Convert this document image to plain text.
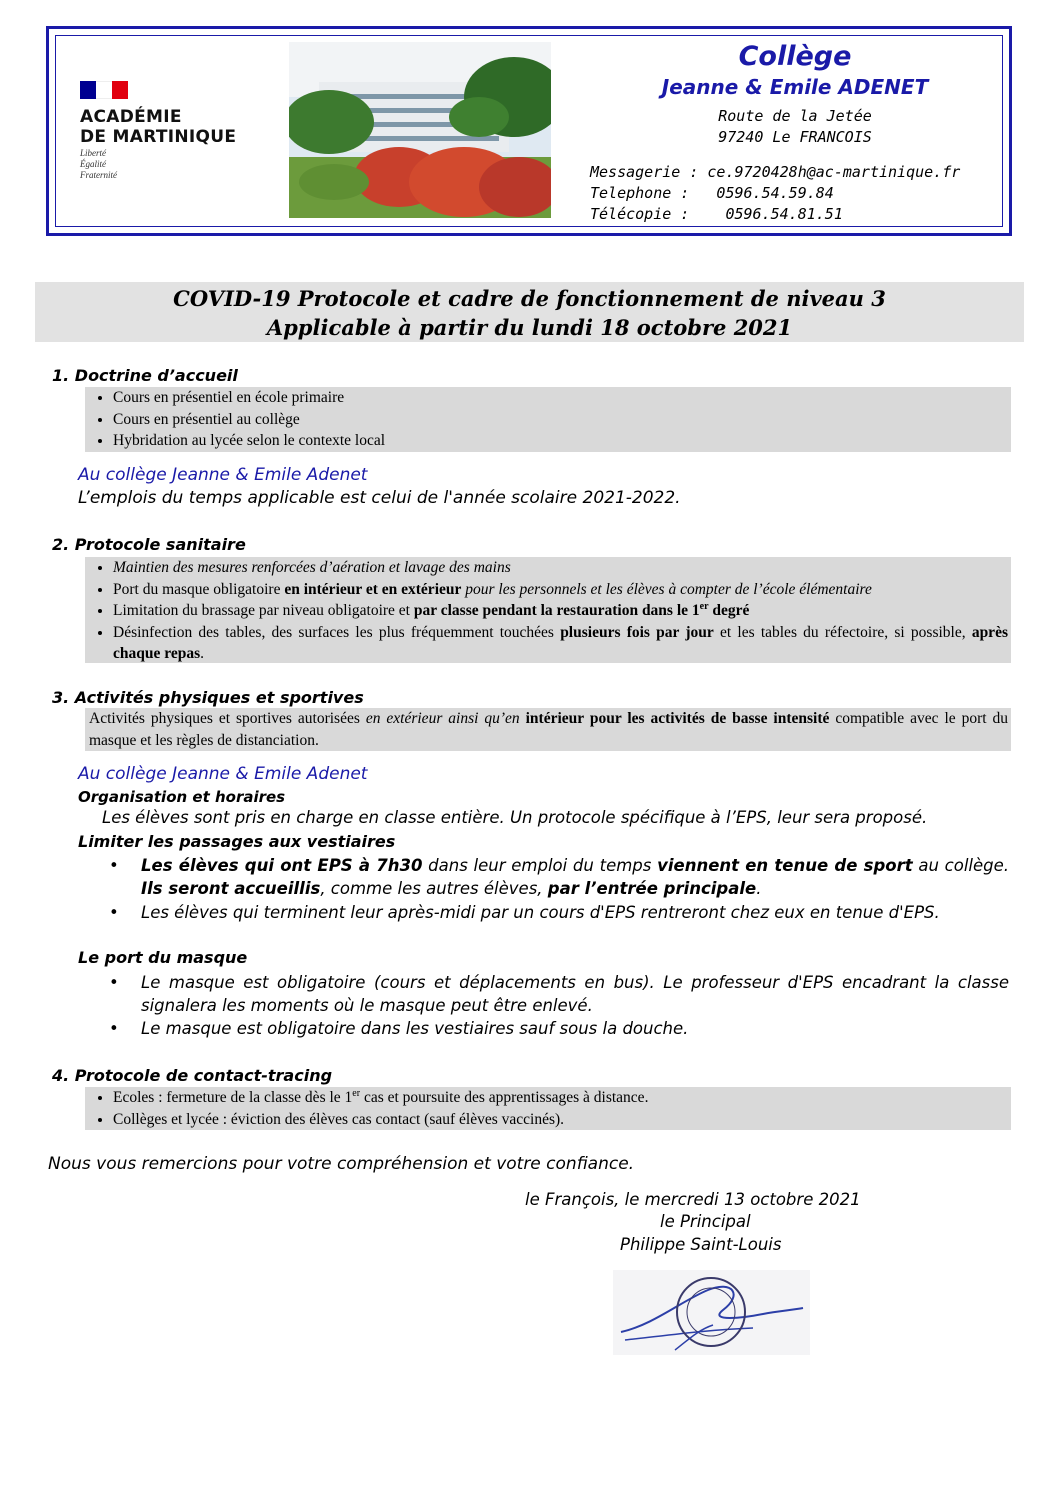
ACADÉMIE
DE MARTINIQUE
Liberté
Égalité
Fraternité
Collège
Jeanne & Emile ADENET
Route de la Jetée
97240 Le FRANCOIS
Messagerie : ce.9720428h@ac-martinique.fr
Telephone :   0596.54.59.84
Télécopie :    0596.54.81.51
COVID-19 Protocole et cadre de fonctionnement de niveau 3
Applicable à partir du lundi 18 octobre 2021
1. Doctrine d’accueil
• Cours en présentiel en école primaire
• Cours en présentiel au collège
• Hybridation au lycée selon le contexte local
Au collège Jeanne & Emile Adenet
L’emplois du temps applicable est celui de l'année scolaire 2021-2022.
2. Protocole sanitaire
• Maintien des mesures renforcées d’aération et lavage des mains
• Port du masque obligatoire en intérieur et en extérieur pour les personnels et les élèves à compter de l’école élémentaire
• Limitation du brassage par niveau obligatoire et par classe pendant la restauration dans le 1er degré
• Désinfection des tables, des surfaces les plus fréquemment touchées plusieurs fois par jour et les tables du réfectoire, si possible, après chaque repas.
3. Activités physiques et sportives
Activités physiques et sportives autorisées en extérieur ainsi qu’en intérieur pour les activités de basse intensité compatible avec le port du masque et les règles de distanciation.
Au collège Jeanne & Emile Adenet
Organisation et horaires
Les élèves sont pris en charge en classe entière. Un protocole spécifique à l’EPS, leur sera proposé.
Limiter les passages aux vestiaires
• Les élèves qui ont EPS à 7h30 dans leur emploi du temps viennent en tenue de sport au collège. Ils seront accueillis, comme les autres élèves, par l’entrée principale.
• Les élèves qui terminent leur après-midi par un cours d'EPS rentreront chez eux en tenue d'EPS.
Le port du masque
• Le masque est obligatoire (cours et déplacements en bus). Le professeur d'EPS encadrant la classe signalera les moments où le masque peut être enlevé.
• Le masque est obligatoire dans les vestiaires sauf sous la douche.
4. Protocole de contact-tracing
• Ecoles : fermeture de la classe dès le 1er cas et poursuite des apprentissages à distance.
• Collèges et lycée : éviction des élèves cas contact (sauf élèves vaccinés).
Nous vous remercions pour votre compréhension et votre confiance.
le François, le mercredi 13 octobre 2021
le Principal
Philippe Saint-Louis
